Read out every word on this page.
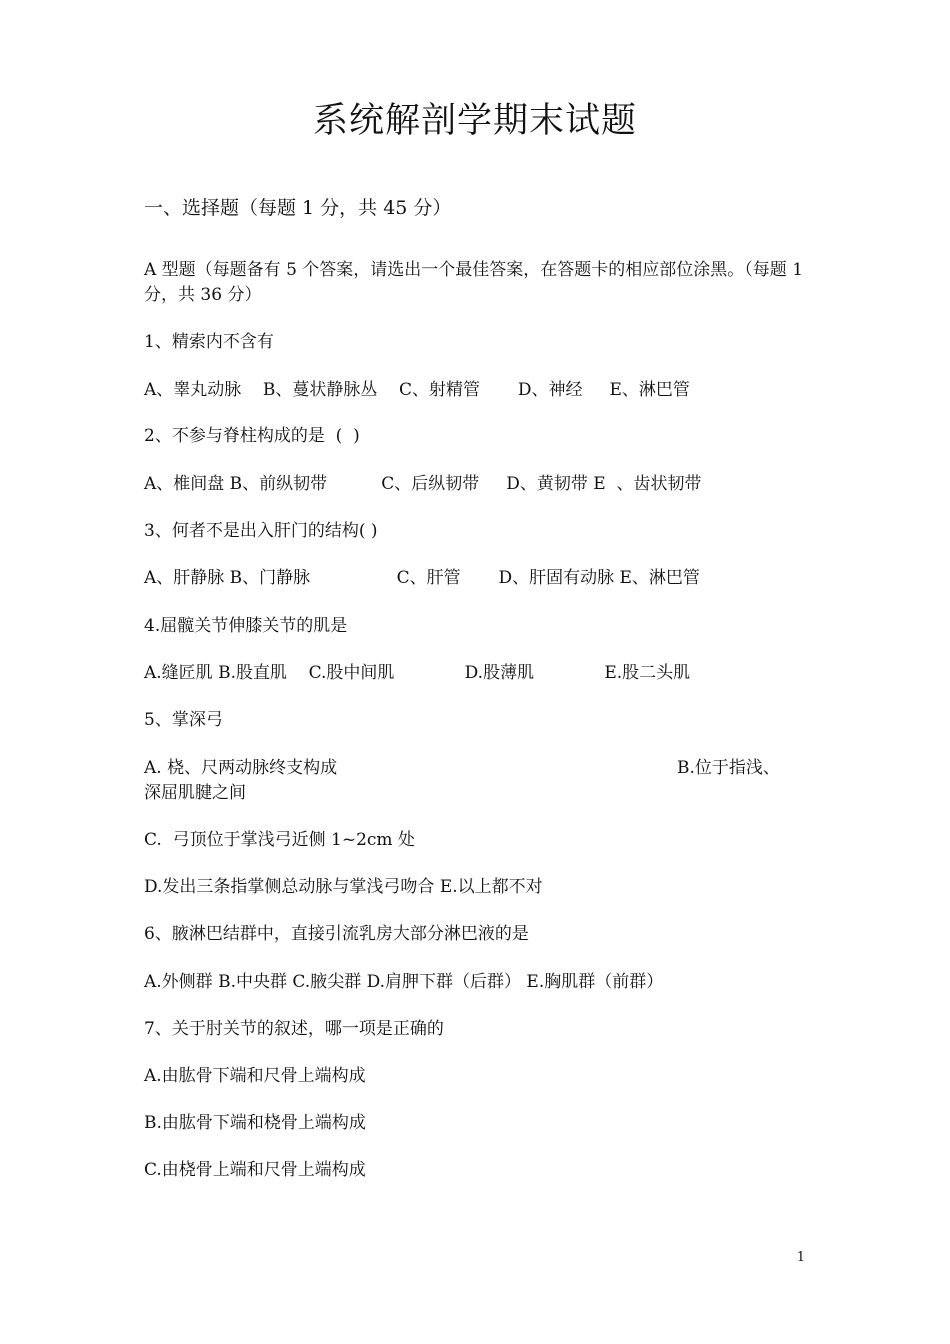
系统解剖学期末试题
一、选择题（每题 1 分，共 45 分）
A 型题（每题备有 5 个答案，请选出一个最佳答案，在答题卡的相应部位涂黑。（每题 1 分，共 36 分）
1、精索内不含有
A、睾丸动脉    B、蔓状静脉丛    C、射精管       D、神经     E、淋巴管
2、不参与脊柱构成的是  (  )
A、椎间盘 B、前纵韧带          C、后纵韧带     D、黄韧带 E  、齿状韧带
3、何者不是出入肝门的结构( )
A、肝静脉 B、门静脉                C、肝管       D、肝固有动脉 E、淋巴管
4.屈髋关节伸膝关节的肌是
A.缝匠肌 B.股直肌    C.股中间肌             D.股薄肌             E.股二头肌
5、掌深弓
A. 桡、尺两动脉终支构成	B.位于指浅、
深屈肌腱之间
C.  弓顶位于掌浅弓近侧 1~2cm 处
D.发出三条指掌侧总动脉与掌浅弓吻合 E.以上都不对
6、腋淋巴结群中，直接引流乳房大部分淋巴液的是
A.外侧群 B.中央群 C.腋尖群 D.肩胛下群（后群） E.胸肌群（前群）
7、关于肘关节的叙述，哪一项是正确的
A.由肱骨下端和尺骨上端构成
B.由肱骨下端和桡骨上端构成
C.由桡骨上端和尺骨上端构成
1
